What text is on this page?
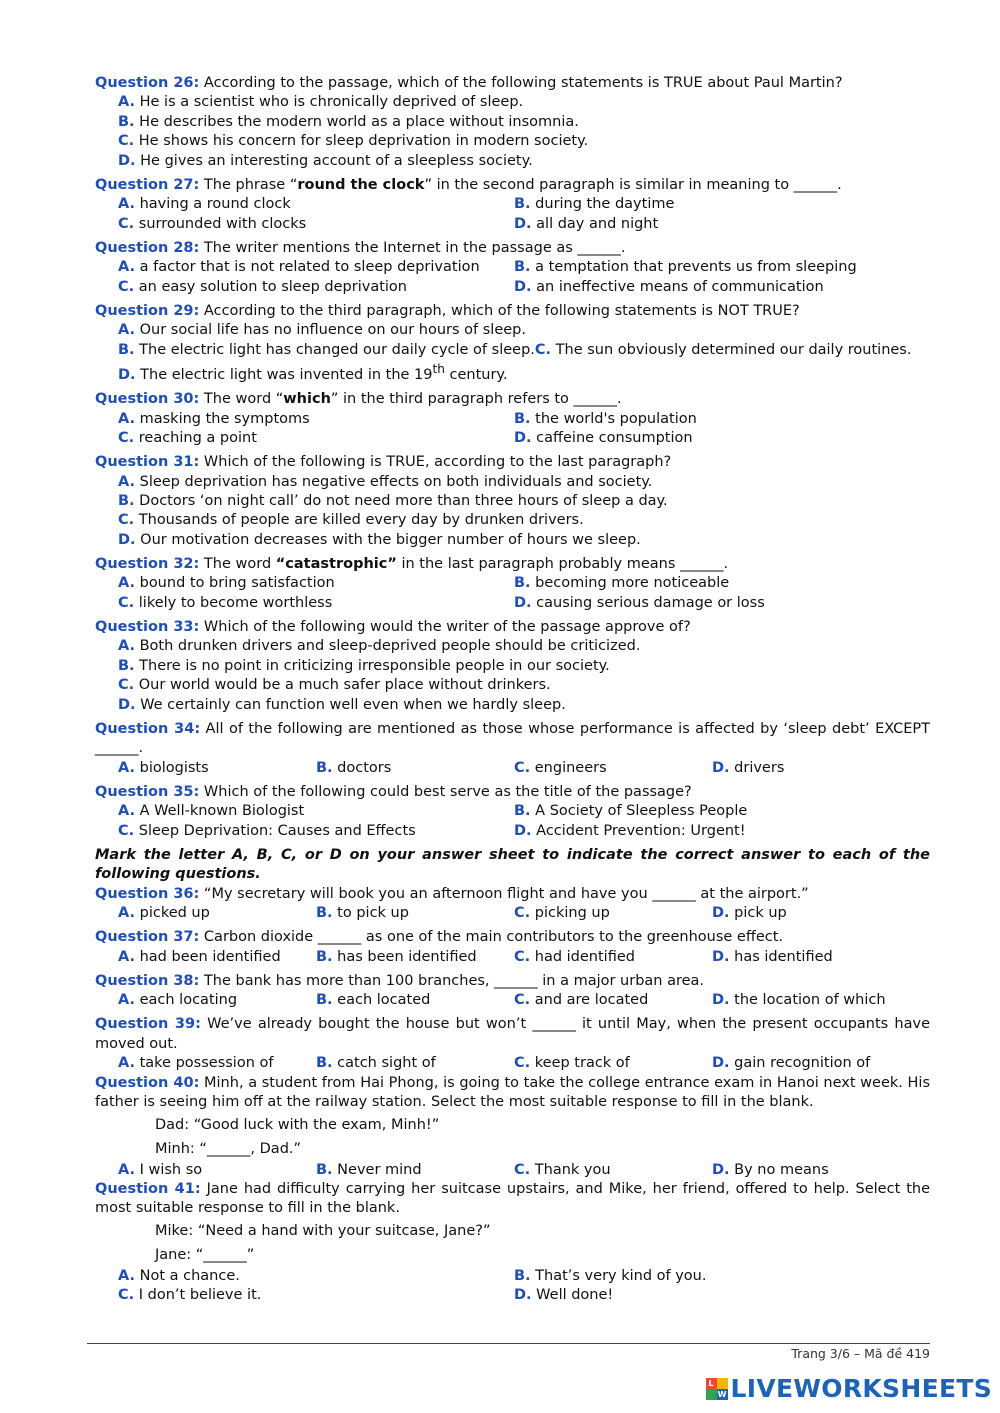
Question 26: According to the passage, which of the following statements is TRUE about Paul Martin?
A. He is a scientist who is chronically deprived of sleep.B. He describes the modern world as a place without insomnia.C. He shows his concern for sleep deprivation in modern society.D. He gives an interesting account of a sleepless society.
Question 27: The phrase “round the clock” in the second paragraph is similar in meaning to ______.
A. having a round clock	B. during the daytime
C. surrounded with clocks	D. all day and night
Question 28: The writer mentions the Internet in the passage as ______.
A. a factor that is not related to sleep deprivation B. a temptation that prevents us from sleeping
C. an easy solution to sleep deprivation	D. an ineffective means of communication
Question 29: According to the third paragraph, which of the following statements is NOT TRUE?
A. Our social life has no influence on our hours of sleep.B. The electric light has changed our daily cycle of sleep.C. The sun obviously determined our daily routines.D. The electric light was invented in the 19th century.
Question 30: The word “which” in the third paragraph refers to ______.
A. masking the symptoms	B. the world's population
C. reaching a point	D. caffeine consumption
Question 31: Which of the following is TRUE, according to the last paragraph?
A. Sleep deprivation has negative effects on both individuals and society.B. Doctors ‘on night call’ do not need more than three hours of sleep a day.C. Thousands of people are killed every day by drunken drivers.D. Our motivation decreases with the bigger number of hours we sleep.
Question 32: The word “catastrophic” in the last paragraph probably means ______.
A. bound to bring satisfaction	B. becoming more noticeable
C. likely to become worthless	D. causing serious damage or loss
Question 33: Which of the following would the writer of the passage approve of?
A. Both drunken drivers and sleep-deprived people should be criticized.B. There is no point in criticizing irresponsible people in our society.C. Our world would be a much safer place without drinkers.D. We certainly can function well even when we hardly sleep.
Question 34: All of the following are mentioned as those whose performance is affected by ‘sleep debt’ EXCEPT ______.
A. biologists	B. doctors	C. engineers	D. drivers
Question 35: Which of the following could best serve as the title of the passage?
A. A Well-known Biologist	B. A Society of Sleepless People
C. Sleep Deprivation: Causes and Effects	D. Accident Prevention: Urgent!
Mark the letter A, B, C, or D on your answer sheet to indicate the correct answer to each of the following questions.
Question 36: “My secretary will book you an afternoon flight and have you ______ at the airport.”
A. picked up	B. to pick up	C. picking up	D. pick up
Question 37: Carbon dioxide ______ as one of the main contributors to the greenhouse effect.
A. had been identified B. has been identified	C. had identified	D. has identified
Question 38: The bank has more than 100 branches, ______ in a major urban area.
A. each locating	B. each located	C. and are located	D. the location of which
Question 39: We’ve already bought the house but won’t ______ it until May, when the present occupants have moved out.
A. take possession of	B. catch sight of	C. keep track of	D. gain recognition of
Question 40: Minh, a student from Hai Phong, is going to take the college entrance exam in Hanoi next week. His father is seeing him off at the railway station. Select the most suitable response to fill in the blank.
Dad: “Good luck with the exam, Minh!”
Minh: “______, Dad.”
A. I wish so	B. Never mind	C. Thank you	D. By no means
Question 41: Jane had difficulty carrying her suitcase upstairs, and Mike, her friend, offered to help. Select the most suitable response to fill in the blank.
Mike: “Need a hand with your suitcase, Jane?”
Jane: “______”
A. Not a chance.	B. That’s very kind of you.
C. I don’t believe it.	D. Well done!
Trang 3/6 – Mã đề 419
L
W LIVEWORKSHEETS
